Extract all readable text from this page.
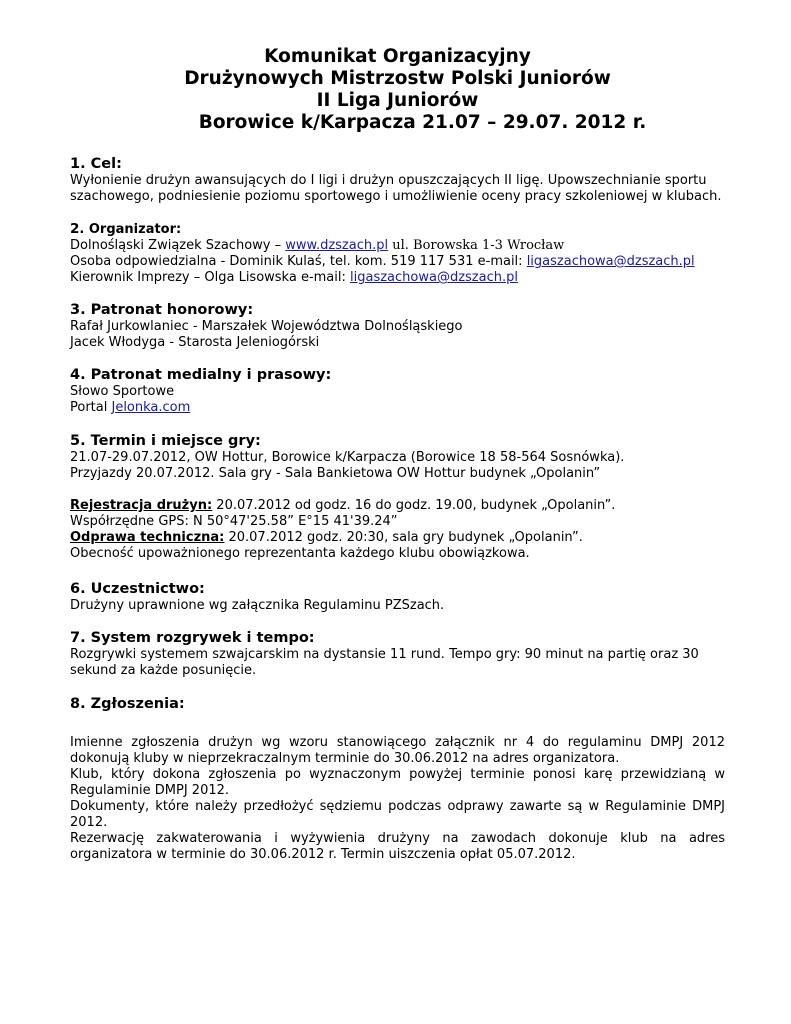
Komunikat Organizacyjny
Drużynowych Mistrzostw Polski Juniorów
II Liga Juniorów
Borowice k/Karpacza 21.07 – 29.07. 2012 r.
1. Cel:

Wyłonienie drużyn awansujących do I ligi i drużyn opuszczających II ligę. Upowszechnianie sportu szachowego, podniesienie poziomu sportowego i umożliwienie oceny pracy szkoleniowej w klubach.

2. Organizator:

Dolnośląski Związek Szachowy – www.dzszach.pl ul. Borowska 1-3 Wrocław

Osoba odpowiedzialna - Dominik Kulaś, tel. kom. 519 117 531 e-mail: ligaszachowa@dzszach.pl

Kierownik Imprezy – Olga Lisowska e-mail: ligaszachowa@dzszach.pl

3. Patronat honorowy:

Rafał Jurkowlaniec - Marszałek Województwa Dolnośląskiego

Jacek Włodyga - Starosta Jeleniogórski

4. Patronat medialny i prasowy:

Słowo Sportowe

Portal Jelonka.com

5. Termin i miejsce gry:

21.07-29.07.2012, OW Hottur, Borowice k/Karpacza (Borowice 18 58-564 Sosnówka).

Przyjazdy 20.07.2012. Sala gry - Sala Bankietowa OW Hottur budynek „Opolanin”

Rejestracja drużyn: 20.07.2012 od godz. 16 do godz. 19.00, budynek „Opolanin”.

Współrzędne GPS: N 50°47'25.58” E°15 41'39.24”

Odprawa techniczna: 20.07.2012 godz. 20:30, sala gry budynek „Opolanin”.

Obecność upoważnionego reprezentanta każdego klubu obowiązkowa.

6. Uczestnictwo:

Drużyny uprawnione wg załącznika Regulaminu PZSzach.

7. System rozgrywek i tempo:

Rozgrywki systemem szwajcarskim na dystansie 11 rund. Tempo gry: 90 minut na partię oraz 30 sekund za każde posunięcie.

8. Zgłoszenia:

Imienne zgłoszenia drużyn wg wzoru stanowiącego załącznik nr 4 do regulaminu DMPJ 2012 dokonują kluby w nieprzekraczalnym terminie do 30.06.2012 na adres organizatora.

Klub, który dokona zgłoszenia po wyznaczonym powyżej terminie ponosi karę przewidzianą w Regulaminie DMPJ 2012.

Dokumenty, które należy przedłożyć sędziemu podczas odprawy zawarte są w Regulaminie DMPJ 2012.

Rezerwację zakwaterowania i wyżywienia drużyny na zawodach dokonuje klub na adres organizatora w terminie do 30.06.2012 r. Termin uiszczenia opłat 05.07.2012.
